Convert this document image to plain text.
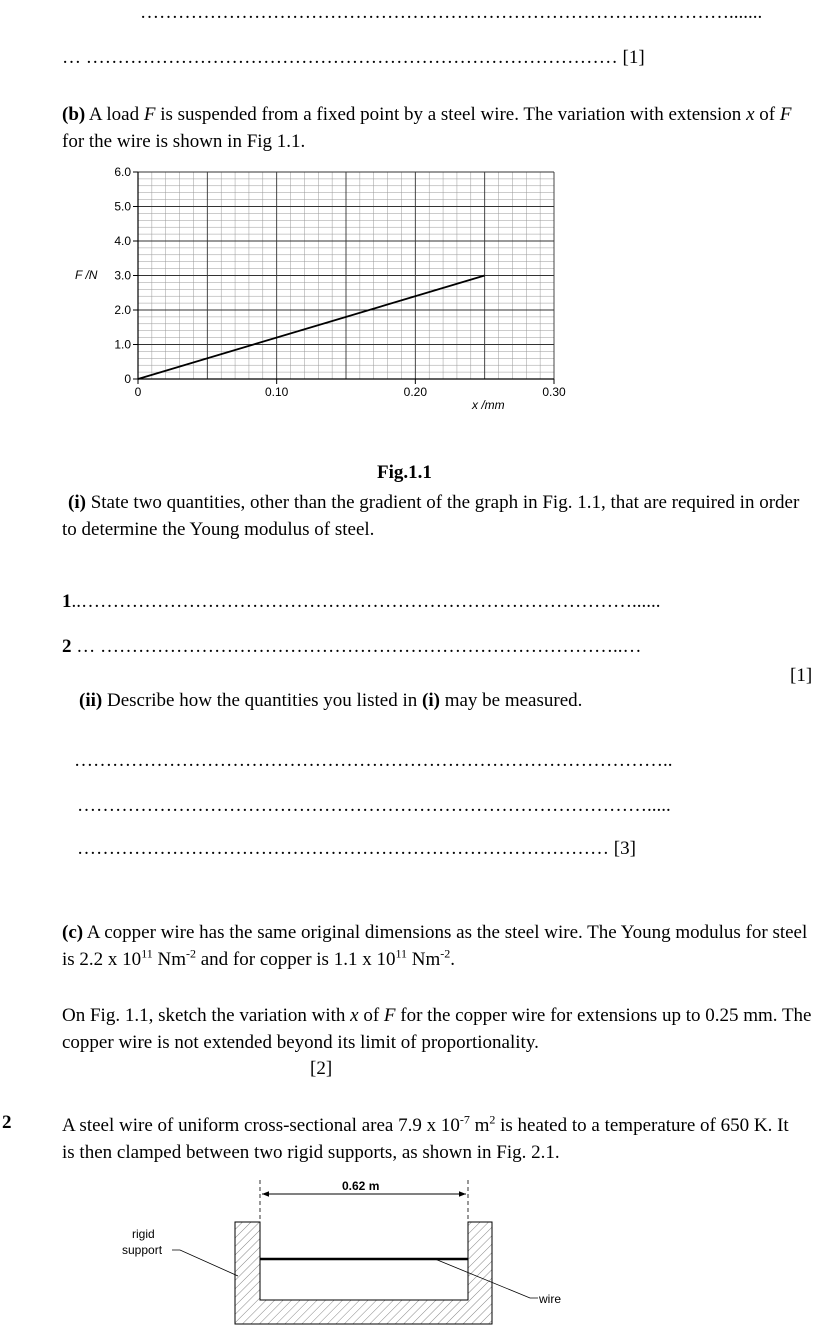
………………………………………………………………………………….......
… ………………………………………………………………………… [1]
(b) A load F is suspended from a fixed point by a steel wire. The variation with extension x of F for the wire is shown in Fig 1.1.
0
1.0
2.0
3.0
4.0
5.0
6.0
0	0.10	0.20	0.30
F /N
x /mm
Fig.1.1
(i) State two quantities, other than the gradient of the graph in Fig. 1.1, that are required in order to determine the Young modulus of steel.
1..……………………………………………………………………………......
2 … ………………………………………………………………………..…
[1]
(ii) Describe how the quantities you listed in (i) may be measured.
…………………………………………………………………………………..
……………………………………………………………………………….....
………………………………………………………………………… [3]
(c) A copper wire has the same original dimensions as the steel wire. The Young modulus for steel is 2.2 x $10^{11}$ $Nm^{-2}$ and for copper is 1.1 x $10^{11}$ $Nm^{-2}$.
On Fig. 1.1, sketch the variation with x of F for the copper wire for extensions up to 0.25 mm. The copper wire is not extended beyond its limit of proportionality.
[2]
2	A steel wire of uniform cross-sectional area 7.9 x $10^{-7}$ $m^2$ is heated to a temperature of 650 K. It is then clamped between two rigid supports, as shown in Fig. 2.1.
0.62 m
rigid
support
wire
